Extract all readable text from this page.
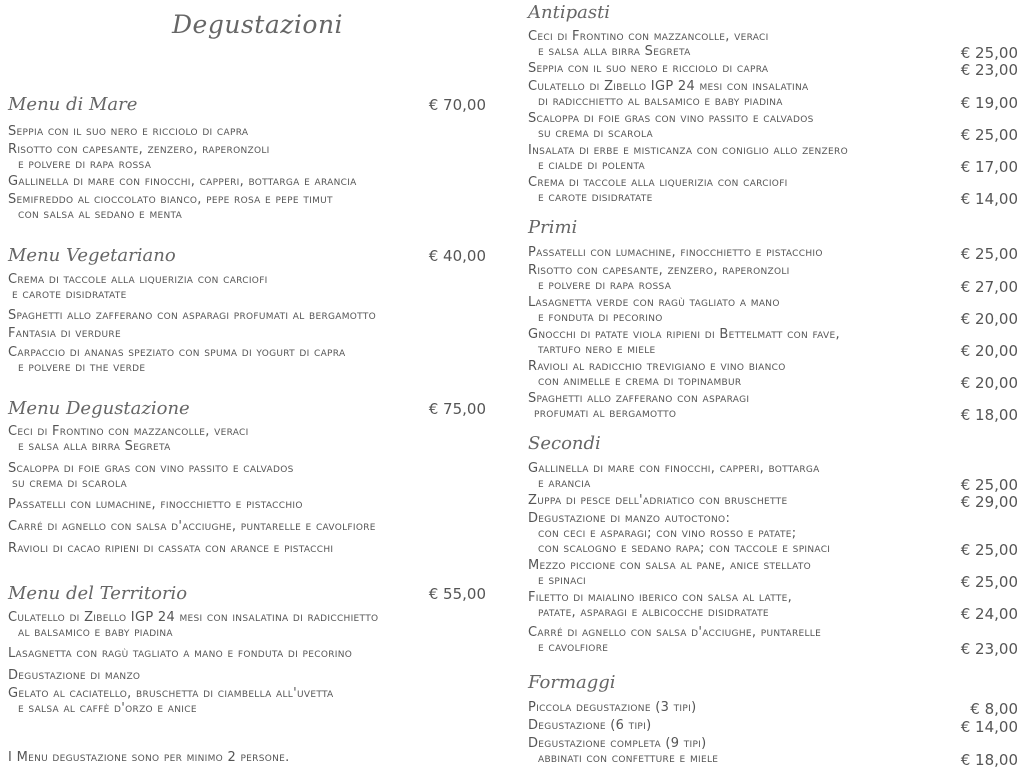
Degustazioni
Menu di Mare	€ 70,00
Seppia con il suo nero e ricciolo di capra
Risotto con capesante, zenzero, raperonzoli
e polvere di rapa rossa
Gallinella di mare con finocchi, capperi, bottarga e arancia
Semifreddo al cioccolato bianco, pepe rosa e pepe timut
con salsa al sedano e menta
Menu Vegetariano	€ 40,00
Crema di taccole alla liquerizia con carciofi
e carote disidratate
Spaghetti allo zafferano con asparagi profumati al bergamotto
Fantasia di verdure
Carpaccio di ananas speziato con spuma di yogurt di capra
e polvere di the verde
Menu Degustazione	€ 75,00
Ceci di Frontino con mazzancolle, veraci
e salsa alla birra Segreta
Scaloppa di foie gras con vino passito e calvados
su crema di scarola
Passatelli con lumachine, finocchietto e pistacchio
Carré di agnello con salsa d'acciughe, puntarelle e cavolfiore
Ravioli di cacao ripieni di cassata con arance e pistacchi
Menu del Territorio	€ 55,00
Culatello di Zibello IGP 24 mesi con insalatina di radicchietto
al balsamico e baby piadina
Lasagnetta con ragù tagliato a mano e fonduta di pecorino
Degustazione di manzo
Gelato al caciatello, bruschetta di ciambella all'uvetta
e salsa al caffè d'orzo e anice
I Menu degustazione sono per minimo 2 persone.
Antipasti
Ceci di Frontino con mazzancolle, veraci
e salsa alla birra Segreta	€ 25,00
Seppia con il suo nero e ricciolo di capra	€ 23,00
Culatello di Zibello IGP 24 mesi con insalatina
di radicchietto al balsamico e baby piadina	€ 19,00
Scaloppa di foie gras con vino passito e calvados
su crema di scarola	€ 25,00
Insalata di erbe e misticanza con coniglio allo zenzero
e cialde di polenta	€ 17,00
Crema di taccole alla liquerizia con carciofi
e carote disidratate	€ 14,00
Primi
Passatelli con lumachine, finocchietto e pistacchio	€ 25,00
Risotto con capesante, zenzero, raperonzoli
e polvere di rapa rossa	€ 27,00
Lasagnetta verde con ragù tagliato a mano
e fonduta di pecorino	€ 20,00
Gnocchi di patate viola ripieni di Bettelmatt con fave,
tartufo nero e miele	€ 20,00
Ravioli al radicchio trevigiano e vino bianco
con animelle e crema di topinambur	€ 20,00
Spaghetti allo zafferano con asparagi
profumati al bergamotto	€ 18,00
Secondi
Gallinella di mare con finocchi, capperi, bottarga
e arancia	€ 25,00
Zuppa di pesce dell'adriatico con bruschette	€ 29,00
Degustazione di manzo autoctono:
con ceci e asparagi; con vino rosso e patate;
con scalogno e sedano rapa; con taccole e spinaci	€ 25,00
Mezzo piccione con salsa al pane, anice stellato
e spinaci	€ 25,00
Filetto di maialino iberico con salsa al latte,
patate, asparagi e albicocche disidratate	€ 24,00
Carré di agnello con salsa d'acciughe, puntarelle
e cavolfiore	€ 23,00
Formaggi
Piccola degustazione (3 tipi)	€ 8,00
Degustazione (6 tipi)	€ 14,00
Degustazione completa (9 tipi)
abbinati con confetture e miele	€ 18,00
